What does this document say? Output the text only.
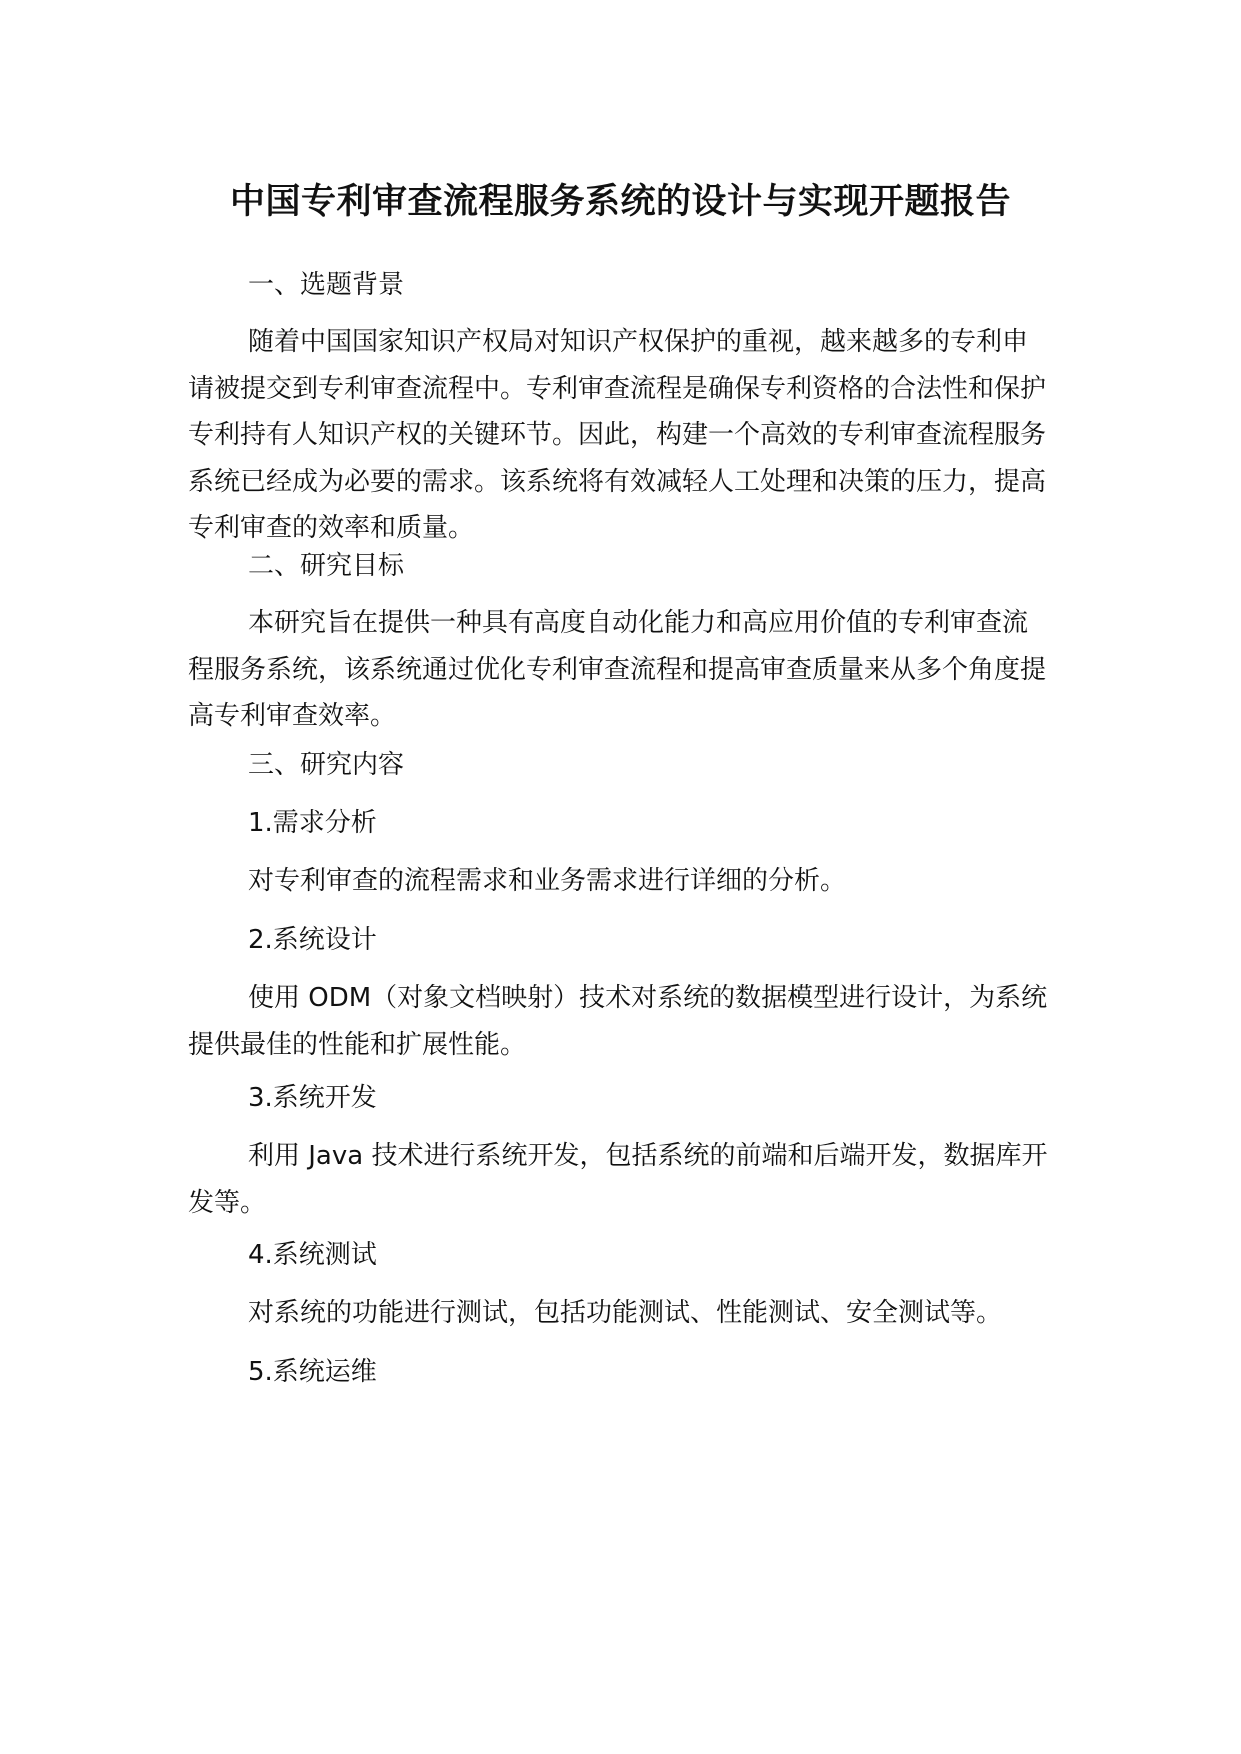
中国专利审查流程服务系统的设计与实现开题报告

一、选题背景

随着中国国家知识产权局对知识产权保护的重视，越来越多的专利申请被提交到专利审查流程中。专利审查流程是确保专利资格的合法性和保护专利持有人知识产权的关键环节。因此，构建一个高效的专利审查流程服务系统已经成为必要的需求。该系统将有效减轻人工处理和决策的压力，提高专利审查的效率和质量。

二、研究目标

本研究旨在提供一种具有高度自动化能力和高应用价值的专利审查流程服务系统，该系统通过优化专利审查流程和提高审查质量来从多个角度提高专利审查效率。

三、研究内容

1.需求分析

对专利审查的流程需求和业务需求进行详细的分析。

2.系统设计

使用 ODM（对象文档映射）技术对系统的数据模型进行设计，为系统提供最佳的性能和扩展性能。

3.系统开发

利用 Java 技术进行系统开发，包括系统的前端和后端开发，数据库开发等。

4.系统测试

对系统的功能进行测试，包括功能测试、性能测试、安全测试等。

5.系统运维
